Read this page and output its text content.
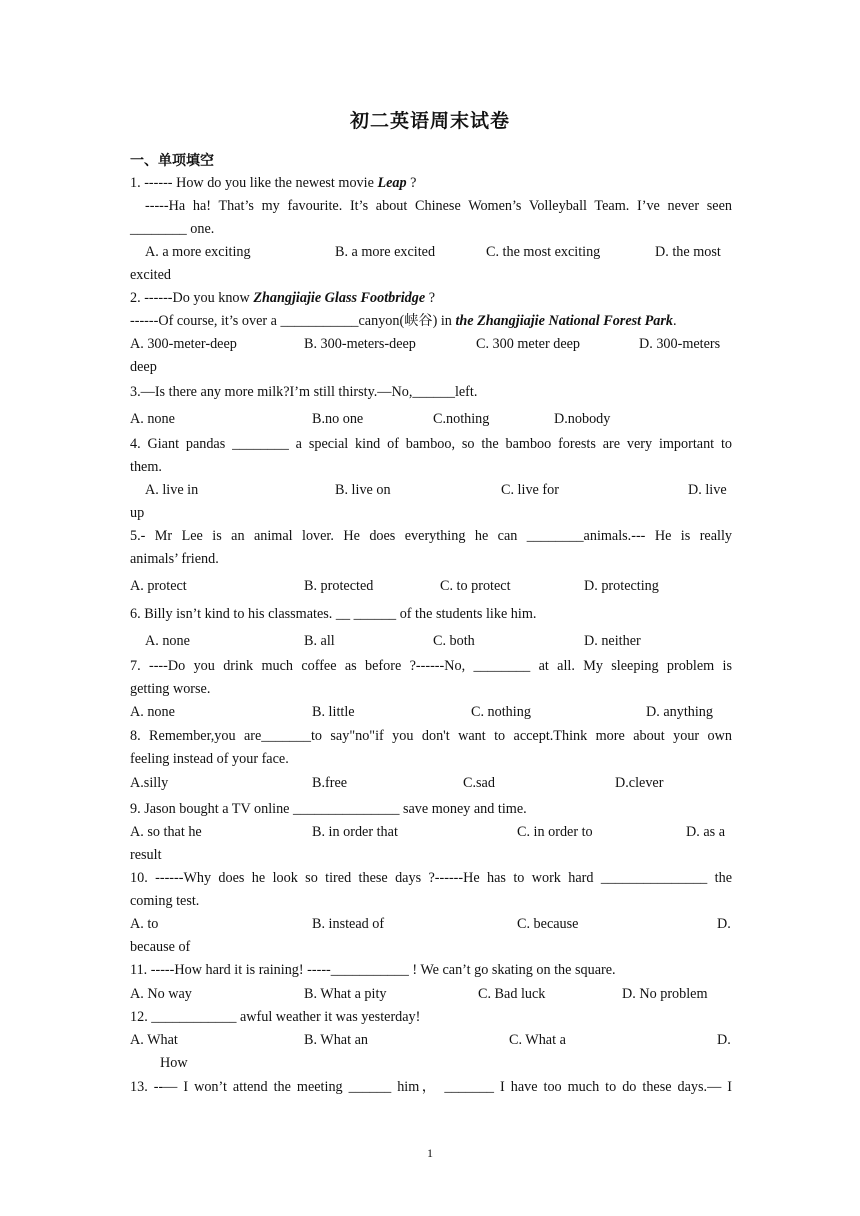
初二英语周末试卷
一、单项填空
1. ------ How do you like the newest movie Leap ?
-----Ha ha! That’s my favourite. It’s about Chinese Women’s Volleyball Team. I’ve never seen
________ one.
A. a more exciting	B. a more excited	C. the most exciting	D. the most
excited
2. ------Do you know Zhangjiajie Glass Footbridge ?
------Of course, it’s over a ___________canyon(峡谷) in the Zhangjiajie National Forest Park.
A. 300-meter-deep	B. 300-meters-deep	C. 300 meter deep	D. 300-meters
deep
3.—Is there any more milk?I’m still thirsty.—No,______left.
A. none	B.no one	C.nothing	D.nobody
4. Giant pandas ________ a special kind of bamboo, so the bamboo forests are very important to
them.
A. live in	B. live on	C. live for	D. live
up
5.- Mr Lee is an animal lover. He does everything he can ________animals.--- He is really
animals’ friend.
A. protect	B. protected	C. to protect	D. protecting
6. Billy isn’t kind to his classmates. __ ______ of the students like him.
A. none	B. all	C. both	D. neither
7. ----Do you drink much coffee as before ?------No, ________ at all. My sleeping problem is
getting worse.
A. none	B. little	C. nothing	D. anything
8. Remember,you are_______to say"no"if you don't want to accept.Think more about your own
feeling instead of your face.
A.silly	B.free	C.sad	D.clever
9. Jason bought a TV online _______________ save money and time.
A. so that he	B. in order that	C. in order to	D. as a
result
10. ------Why does he look so tired these days ?------He has to work hard _______________ the
coming test.
A. to	B. instead of	C. because	D.
because of
11. -----How hard it is raining! -----___________ ! We can’t go skating on the square.
A. No way	B. What a pity	C. Bad luck	D. No problem
12. ____________ awful weather it was yesterday!
A. What	B. What an	C. What a	D.
How
13. --— I won’t attend the meeting ______ him， _______ I have too much to do these days.— I
1
